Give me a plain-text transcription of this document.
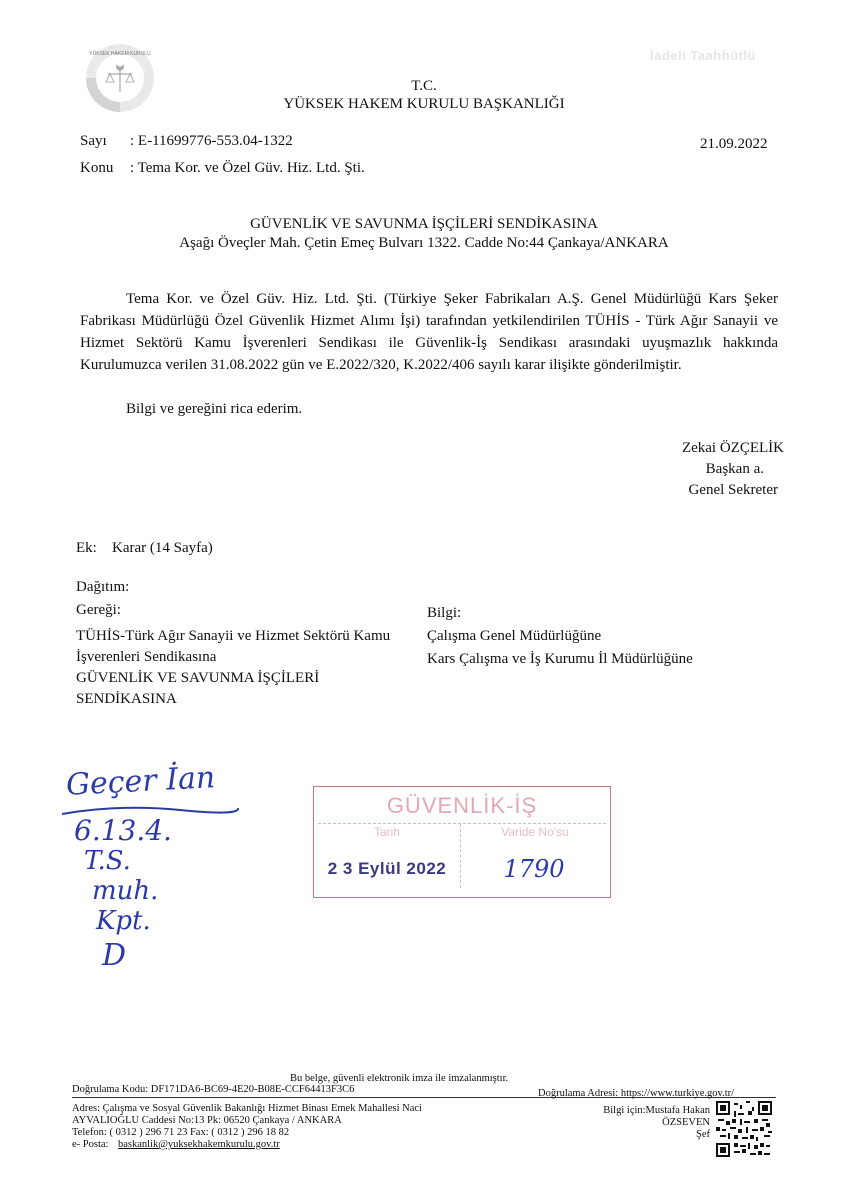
İadeli Taahhütlü
YÜKSEK HAKEM KURULU
T.C.
YÜKSEK HAKEM KURULU BAŞKANLIĞI
Sayı : E-11699776-553.04-1322
Konu : Tema Kor. ve Özel Güv. Hiz. Ltd. Şti.
21.09.2022
GÜVENLİK VE SAVUNMA İŞÇİLERİ SENDİKASINA
Aşağı Öveçler Mah. Çetin Emeç Bulvarı 1322. Cadde No:44 Çankaya/ANKARA
Tema Kor. ve Özel Güv. Hiz. Ltd. Şti. (Türkiye Şeker Fabrikaları A.Ş. Genel Müdürlüğü Kars Şeker Fabrikası Müdürlüğü Özel Güvenlik Hizmet Alımı İşi) tarafından yetkilendirilen TÜHİS - Türk Ağır Sanayii ve Hizmet Sektörü Kamu İşverenleri Sendikası ile Güvenlik-İş Sendikası arasındaki uyuşmazlık hakkında Kurulumuzca verilen 31.08.2022 gün ve E.2022/320, K.2022/406 sayılı karar ilişikte gönderilmiştir.
Bilgi ve gereğini rica ederim.
Zekai ÖZÇELİK
Başkan a.
Genel Sekreter
Ek: Karar (14 Sayfa)
Dağıtım:
Gereği:
TÜHİS-Türk Ağır Sanayii ve Hizmet Sektörü Kamu
İşverenleri Sendikasına
GÜVENLİK VE SAVUNMA İŞÇİLERİ
SENDİKASINA
Bilgi:
Çalışma Genel Müdürlüğüne
Kars Çalışma ve İş Kurumu İl Müdürlüğüne
Geçer İan
6.13.4.
T.S.
muh.
Kpt.
D
GÜVENLİK-İŞ
Tarih	Varide No'su
2 3 Eylül 2022	1790
Bu belge, güvenli elektronik imza ile imzalanmıştır.
Doğrulama Kodu: DF171DA6-BC69-4E20-B08E-CCF64413F3C6	Doğrulama Adresi: https://www.turkiye.gov.tr/
Adres: Çalışma ve Sosyal Güvenlik Bakanlığı Hizmet Binası Emek Mahallesi Naci
AYVALIOĞLU Caddesi No:13 Pk: 06520 Çankaya / ANKARA
Telefon: ( 0312 ) 296 71 23 Fax: ( 0312 ) 296 18 82
e- Posta: baskanlik@yuksekhakemkurulu.gov.tr
Bilgi için:Mustafa Hakan
ÖZSEVEN
Şef
